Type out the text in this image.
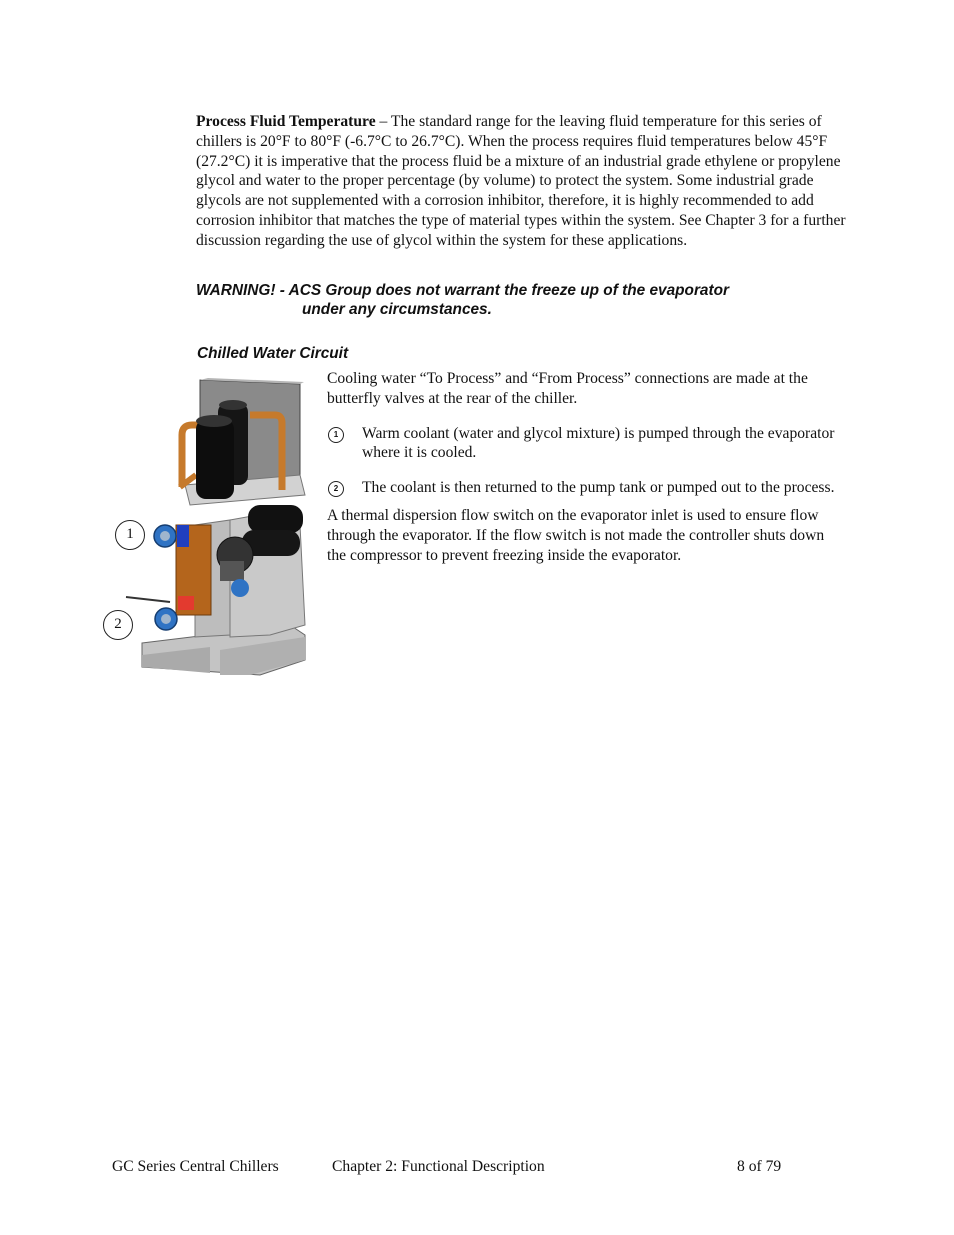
Process Fluid Temperature – The standard range for the leaving fluid temperature for this series of chillers is 20°F to 80°F (-6.7°C to 26.7°C). When the process requires fluid temperatures below 45°F (27.2°C) it is imperative that the process fluid be a mixture of an industrial grade ethylene or propylene glycol and water to the proper percentage (by volume) to protect the system. Some industrial grade glycols are not supplemented with a corrosion inhibitor, therefore, it is highly recommended to add corrosion inhibitor that matches the type of material types within the system. See Chapter 3 for a further discussion regarding the use of glycol within the system for these applications.
WARNING! - ACS Group does not warrant the freeze up of the evaporator
under any circumstances.
Chilled Water Circuit
1
2

Cooling water “To Process” and “From Process” connections are made at the butterfly valves at the rear of the chiller.

1	Warm coolant (water and glycol mixture) is pumped through the evaporator where it is cooled.

2	The coolant is then returned to the pump tank or pumped out to the process.

A thermal dispersion flow switch on the evaporator inlet is used to ensure flow through the evaporator. If the flow switch is not made the controller shuts down the compressor to prevent freezing inside the evaporator.

GC Series Central Chillers	Chapter 2: Functional Description	8 of 79
